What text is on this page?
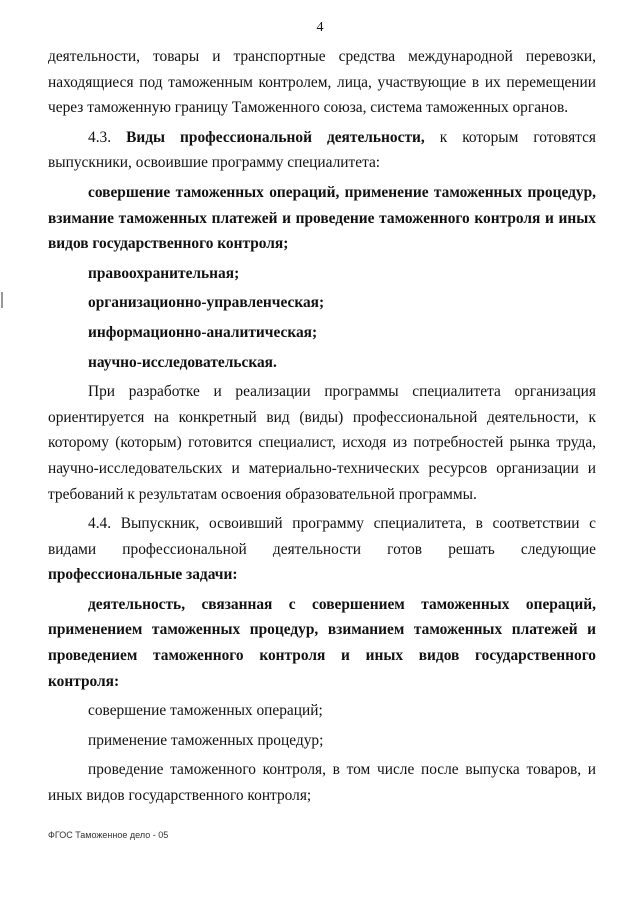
4

деятельности, товары и транспортные средства международной перевозки, находящиеся под таможенным контролем, лица, участвующие в их перемещении через таможенную границу Таможенного союза, система таможенных органов.

4.3. Виды профессиональной деятельности, к которым готовятся выпускники, освоившие программу специалитета:

совершение таможенных операций, применение таможенных процедур, взимание таможенных платежей и проведение таможенного контроля и иных видов государственного контроля;

правоохранительная;

организационно-управленческая;

информационно-аналитическая;

научно-исследовательская.

При разработке и реализации программы специалитета организация ориентируется на конкретный вид (виды) профессиональной деятельности, к которому (которым) готовится специалист, исходя из потребностей рынка труда, научно-исследовательских и материально-технических ресурсов организации и требований к результатам освоения образовательной программы.

4.4. Выпускник, освоивший программу специалитета, в соответствии с видами профессиональной деятельности готов решать следующие профессиональные задачи:

деятельность, связанная с совершением таможенных операций, применением таможенных процедур, взиманием таможенных платежей и проведением таможенного контроля и иных видов государственного контроля:

совершение таможенных операций;

применение таможенных процедур;

проведение таможенного контроля, в том числе после выпуска товаров, и иных видов государственного контроля;

ФГОС Таможенное дело - 05
